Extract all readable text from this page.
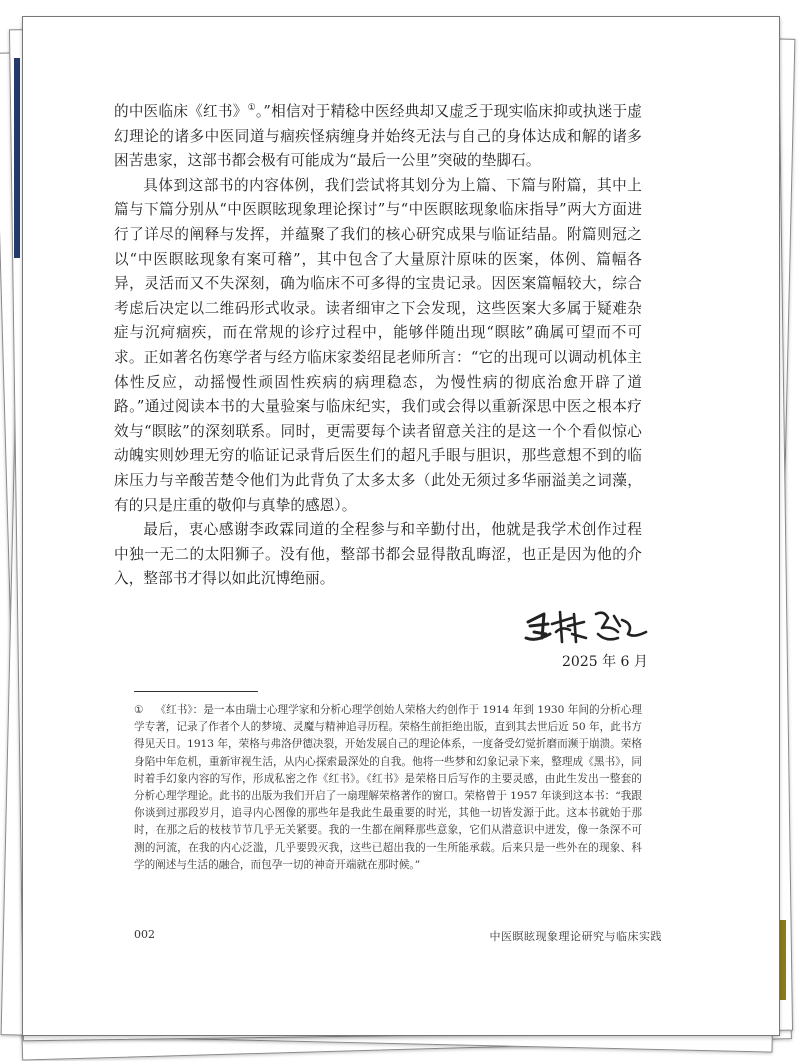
的中医临床《红书》①。”相信对于精稔中医经典却又虚乏于现实临床抑或执迷于虚幻理论的诸多中医同道与痼疾怪病缠身并始终无法与自己的身体达成和解的诸多困苦患家，这部书都会极有可能成为“最后一公里”突破的垫脚石。

具体到这部书的内容体例，我们尝试将其划分为上篇、下篇与附篇，其中上篇与下篇分别从“中医瞑眩现象理论探讨”与“中医瞑眩现象临床指导”两大方面进行了详尽的阐释与发挥，并蕴聚了我们的核心研究成果与临证结晶。附篇则冠之以“中医瞑眩现象有案可稽”，其中包含了大量原汁原味的医案，体例、篇幅各异，灵活而又不失深刻，确为临床不可多得的宝贵记录。因医案篇幅较大，综合考虑后决定以二维码形式收录。读者细审之下会发现，这些医案大多属于疑难杂症与沉疴痼疾，而在常规的诊疗过程中，能够伴随出现“瞑眩”确属可望而不可求。正如著名伤寒学者与经方临床家娄绍昆老师所言：“它的出现可以调动机体主体性反应，动摇慢性顽固性疾病的病理稳态，为慢性病的彻底治愈开辟了道路。”通过阅读本书的大量验案与临床纪实，我们或会得以重新深思中医之根本疗效与“瞑眩”的深刻联系。同时，更需要每个读者留意关注的是这一个个看似惊心动魄实则妙理无穷的临证记录背后医生们的超凡手眼与胆识，那些意想不到的临床压力与辛酸苦楚令他们为此背负了太多太多（此处无须过多华丽溢美之词藻，有的只是庄重的敬仰与真挚的感恩）。

最后，衷心感谢李政霖同道的全程参与和辛勤付出，他就是我学术创作过程中独一无二的太阳狮子。没有他，整部书都会显得散乱晦涩，也正是因为他的介入，整部书才得以如此沉博绝丽。

2025 年 6 月
① 《红书》：是一本由瑞士心理学家和分析心理学创始人荣格大约创作于 1914 年到 1930 年间的分析心理学专著，记录了作者个人的梦境、灵魔与精神追寻历程。荣格生前拒绝出版，直到其去世后近 50 年，此书方得见天日。1913 年，荣格与弗洛伊德决裂，开始发展自己的理论体系，一度备受幻觉折磨而濒于崩溃。荣格身陷中年危机，重新审视生活，从内心探索最深处的自我。他将一些梦和幻象记录下来，整理成《黑书》，同时着手幻象内容的写作，形成私密之作《红书》。《红书》是荣格日后写作的主要灵感，由此生发出一整套的分析心理学理论。此书的出版为我们开启了一扇理解荣格著作的窗口。荣格曾于 1957 年谈到这本书：“我跟你谈到过那段岁月，追寻内心图像的那些年是我此生最重要的时光，其他一切皆发源于此。这本书就始于那时，在那之后的枝枝节节几乎无关紧要。我的一生都在阐释那些意象，它们从潜意识中迸发，像一条深不可测的河流，在我的内心泛滥，几乎要毁灭我，这些已超出我的一生所能承载。后来只是一些外在的现象、科学的阐述与生活的融合，而包孕一切的神奇开端就在那时候。”
002	中医瞑眩现象理论研究与临床实践
